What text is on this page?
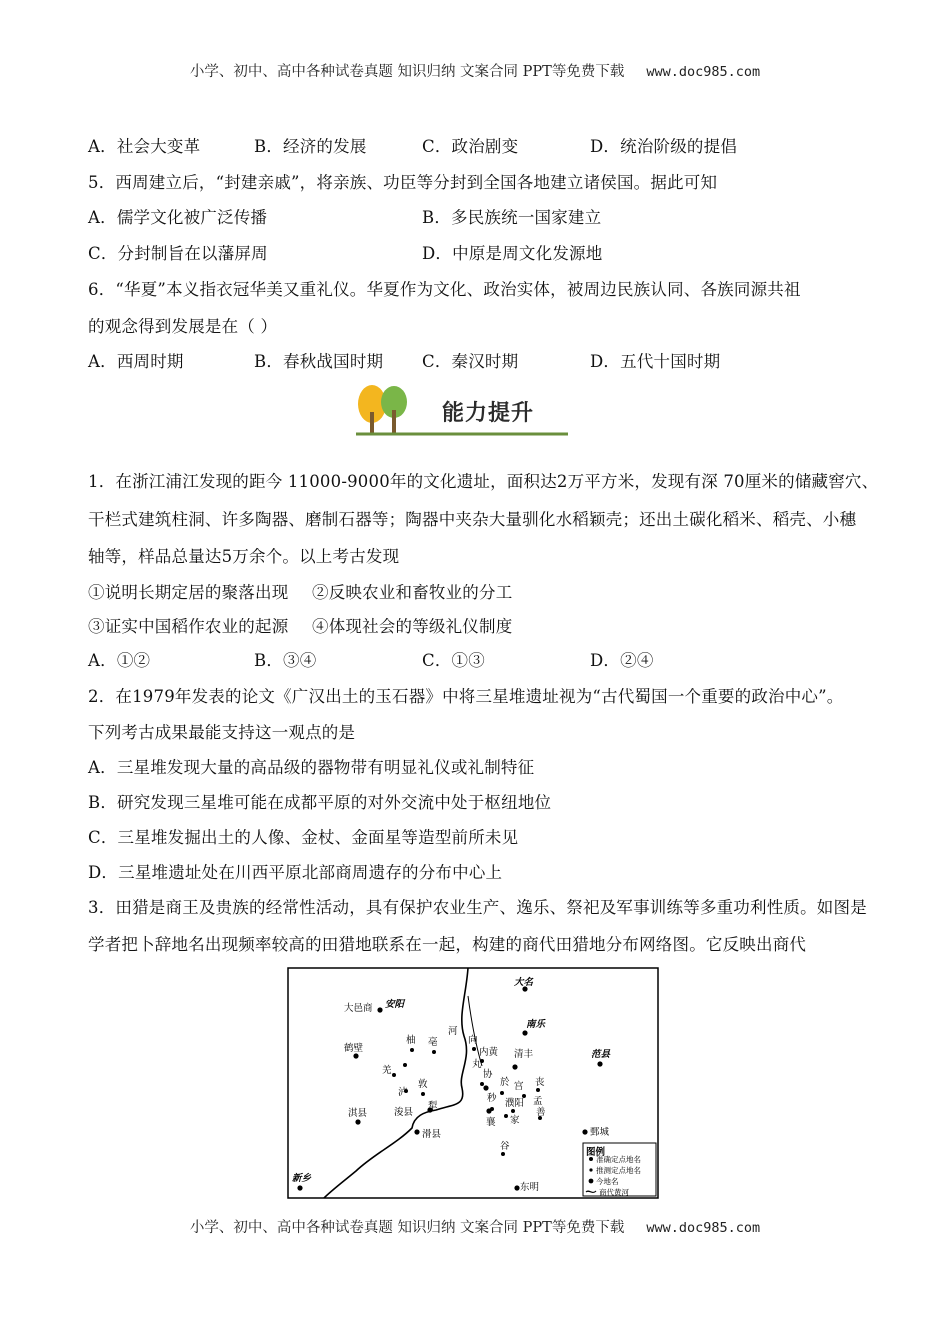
小学、初中、高中各种试卷真题 知识归纳 文案合同 PPT等免费下载 www.doc985.com
A．社会大变革	B．经济的发展	C．政治剧变	D．统治阶级的提倡
5．西周建立后，“封建亲戚”，将亲族、功臣等分封到全国各地建立诸侯国。据此可知
A．儒学文化被广泛传播	B．多民族统一国家建立
C．分封制旨在以藩屏周	D．中原是周文化发源地
6．“华夏”本义指衣冠华美又重礼仪。华夏作为文化、政治实体，被周边民族认同、各族同源共祖
的观念得到发展是在（ ）
A．西周时期	B．春秋战国时期 C．秦汉时期	D．五代十国时期
能力提升
1．在浙江浦江发现的距今 11000-9000年的文化遗址，面积达2万平方米，发现有深 70厘米的储藏窖穴、
干栏式建筑柱洞、许多陶器、磨制石器等；陶器中夹杂大量驯化水稻颖壳；还出土碳化稻米、稻壳、小穗
轴等，样品总量达5万余个。以上考古发现
①说明长期定居的聚落出现 ②反映农业和畜牧业的分工
③证实中国稻作农业的起源 ④体现社会的等级礼仪制度
A．①②	B．③④	C．①③	D．②④
2．在1979年发表的论文《广汉出土的玉石器》中将三星堆遗址视为“古代蜀国一个重要的政治中心”。
下列考古成果最能支持这一观点的是
A．三星堆发现大量的高品级的器物带有明显礼仪或礼制特征
B．研究发现三星堆可能在成都平原的对外交流中处于枢纽地位
C．三星堆发掘出土的人像、金杖、金面星等造型前所未见
D．三星堆遗址处在川西平原北部商周遗存的分布中心上
3．田猎是商王及贵族的经常性活动，具有保护农业生产、逸乐、祭祀及军事训练等多重功利性质。如图是
学者把卜辞地名出现频率较高的田猎地联系在一起，构建的商代田猎地分布网络图。它反映出商代
大名
大邑商 安阳
南乐
柚 亳
河
向
内黄 清丰	范县
鹤壁
羌
丸
敦
泸
协
於 宫 丧
秒 濮阳 孟
淇县	浚县
犁
襄 家
善
谷
滑县	鄄城
新乡
东明
图例
准确定点地名
推测定点地名
今地名
商代黄河
小学、初中、高中各种试卷真题 知识归纳 文案合同 PPT等免费下载 www.doc985.com
